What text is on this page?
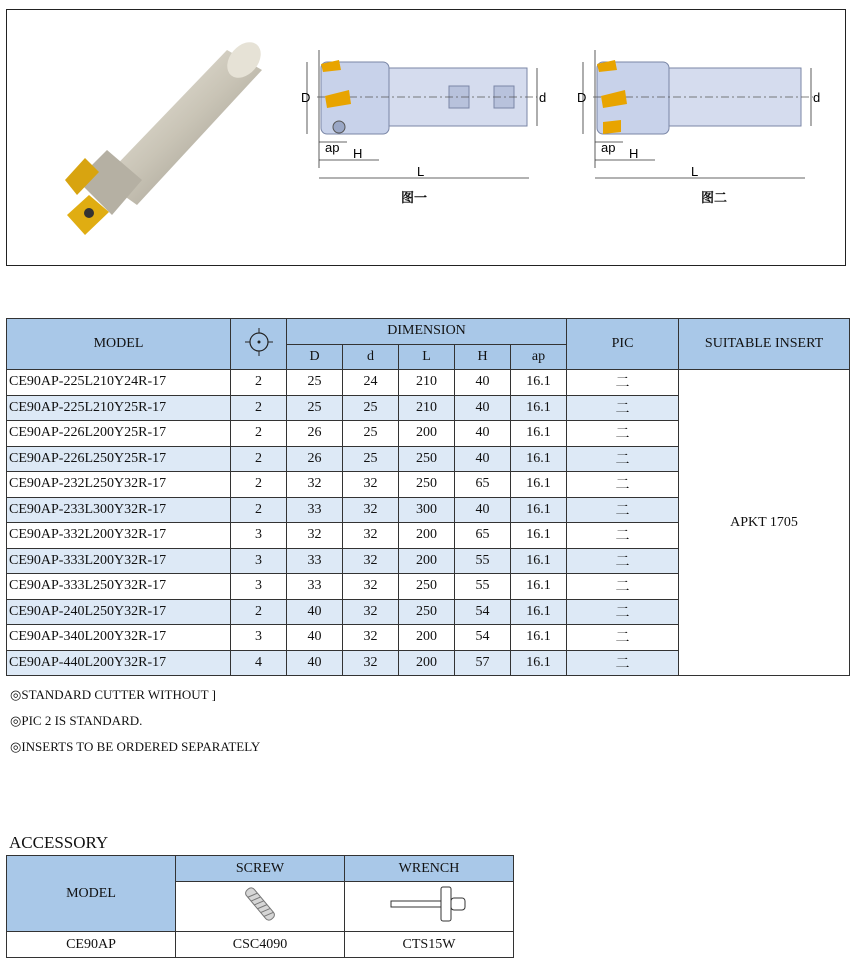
D	d
ap H
L
图一
D	d
ap H
L
图二
MODEL		DIMENSION					PIC	SUITABLE INSERT
		D	d	L	H	ap		
CE90AP-225L210Y24R-17	2	25	24	210	40	16.1	二	APKT 1705
CE90AP-225L210Y25R-17	2	25	25	210	40	16.1	二	
CE90AP-226L200Y25R-17	2	26	25	200	40	16.1	二	
CE90AP-226L250Y25R-17	2	26	25	250	40	16.1	二	
CE90AP-232L250Y32R-17	2	32	32	250	65	16.1	二	
CE90AP-233L300Y32R-17	2	33	32	300	40	16.1	二	
CE90AP-332L200Y32R-17	3	32	32	200	65	16.1	二	
CE90AP-333L200Y32R-17	3	33	32	200	55	16.1	二	
CE90AP-333L250Y32R-17	3	33	32	250	55	16.1	二	
CE90AP-240L250Y32R-17	2	40	32	250	54	16.1	二	
CE90AP-340L200Y32R-17	3	40	32	200	54	16.1	二	
CE90AP-440L200Y32R-17	4	40	32	200	57	16.1	二	
◎STANDARD CUTTER WITHOUT ]
◎PIC 2 IS STANDARD.
◎INSERTS TO BE ORDERED SEPARATELY
ACCESSORY
MODEL	SCREW	WRENCH

CE90AP	CSC4090	CTS15W
